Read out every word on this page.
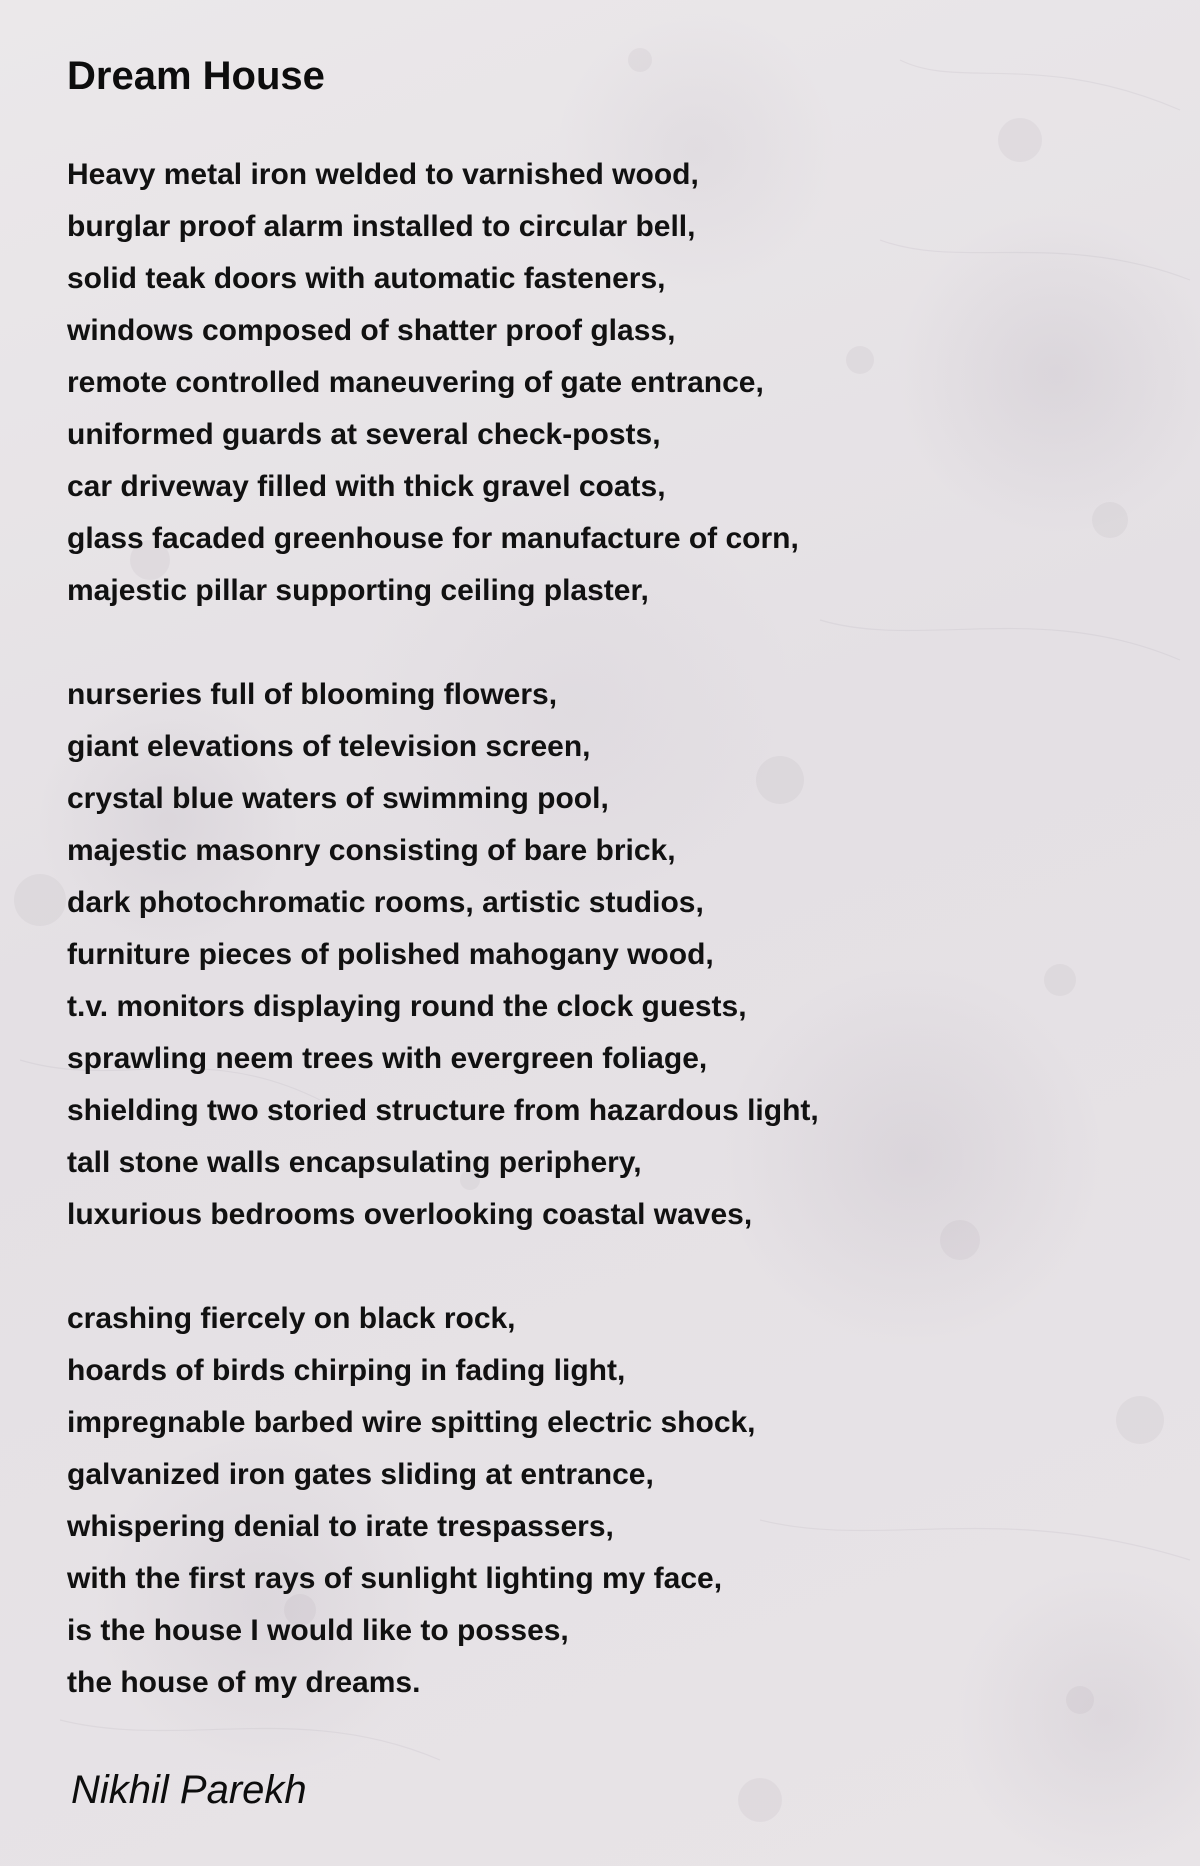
Dream House
Heavy metal iron welded to varnished wood,
burglar proof alarm installed to circular bell,
solid teak doors with automatic fasteners,
windows composed of shatter proof glass,
remote controlled maneuvering of gate entrance,
uniformed guards at several check-posts,
car driveway filled with thick gravel coats,
glass facaded greenhouse for manufacture of corn,
majestic pillar supporting ceiling plaster,
nurseries full of blooming flowers,
giant elevations of television screen,
crystal blue waters of swimming pool,
majestic masonry consisting of bare brick,
dark photochromatic rooms, artistic studios,
furniture pieces of polished mahogany wood,
t.v. monitors displaying round the clock guests,
sprawling neem trees with evergreen foliage,
shielding two storied structure from hazardous light,
tall stone walls encapsulating periphery,
luxurious bedrooms overlooking coastal waves,
crashing fiercely on black rock,
hoards of birds chirping in fading light,
impregnable barbed wire spitting electric shock,
galvanized iron gates sliding at entrance,
whispering denial to irate trespassers,
with the first rays of sunlight lighting my face,
is the house I would like to posses,
the house of my dreams.
Nikhil Parekh
